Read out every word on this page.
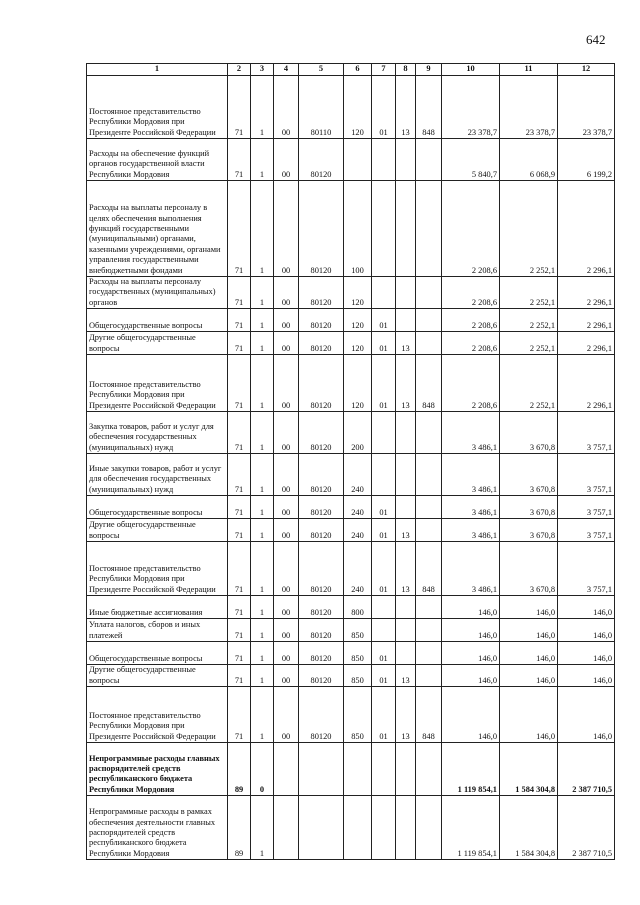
642
1	2	3	4	5	6	7	8	9	10	11	12
Постоянное представительство Республики Мордовия при Президенте Российской Федерации	71	1	00	80110	120	01	13	848	23 378,7	23 378,7	23 378,7
Расходы на обеспечение функций органов государственной власти Республики Мордовия	71	1	00	80120					5 840,7	6 068,9	6 199,2
Расходы на выплаты персоналу в целях обеспечения выполнения функций государственными (муниципальными) органами, казенными учреждениями, органами управления государственными внебюджетными фондами	71	1	00	80120	100				2 208,6	2 252,1	2 296,1
Расходы на выплаты персоналу государственных (муниципальных) органов	71	1	00	80120	120				2 208,6	2 252,1	2 296,1
Общегосударственные вопросы	71	1	00	80120	120	01			2 208,6	2 252,1	2 296,1
Другие общегосударственные вопросы	71	1	00	80120	120	01	13		2 208,6	2 252,1	2 296,1
Постоянное представительство Республики Мордовия при Президенте Российской Федерации	71	1	00	80120	120	01	13	848	2 208,6	2 252,1	2 296,1
Закупка товаров, работ и услуг для обеспечения государственных (муниципальных) нужд	71	1	00	80120	200				3 486,1	3 670,8	3 757,1
Иные закупки товаров, работ и услуг для обеспечения государственных (муниципальных) нужд	71	1	00	80120	240				3 486,1	3 670,8	3 757,1
Общегосударственные вопросы	71	1	00	80120	240	01			3 486,1	3 670,8	3 757,1
Другие общегосударственные вопросы	71	1	00	80120	240	01	13		3 486,1	3 670,8	3 757,1
Постоянное представительство Республики Мордовия при Президенте Российской Федерации	71	1	00	80120	240	01	13	848	3 486,1	3 670,8	3 757,1
Иные бюджетные ассигнования	71	1	00	80120	800				146,0	146,0	146,0
Уплата налогов, сборов и иных платежей	71	1	00	80120	850				146,0	146,0	146,0
Общегосударственные вопросы	71	1	00	80120	850	01			146,0	146,0	146,0
Другие общегосударственные вопросы	71	1	00	80120	850	01	13		146,0	146,0	146,0
Постоянное представительство Республики Мордовия при Президенте Российской Федерации	71	1	00	80120	850	01	13	848	146,0	146,0	146,0
Непрограммные расходы главных распорядителей средств республиканского бюджета Республики Мордовия	89	0							1 119 854,1	1 584 304,8	2 387 710,5
Непрограммные расходы в рамках обеспечения деятельности главных распорядителей средств республиканского бюджета Республики Мордовия	89	1							1 119 854,1	1 584 304,8	2 387 710,5
